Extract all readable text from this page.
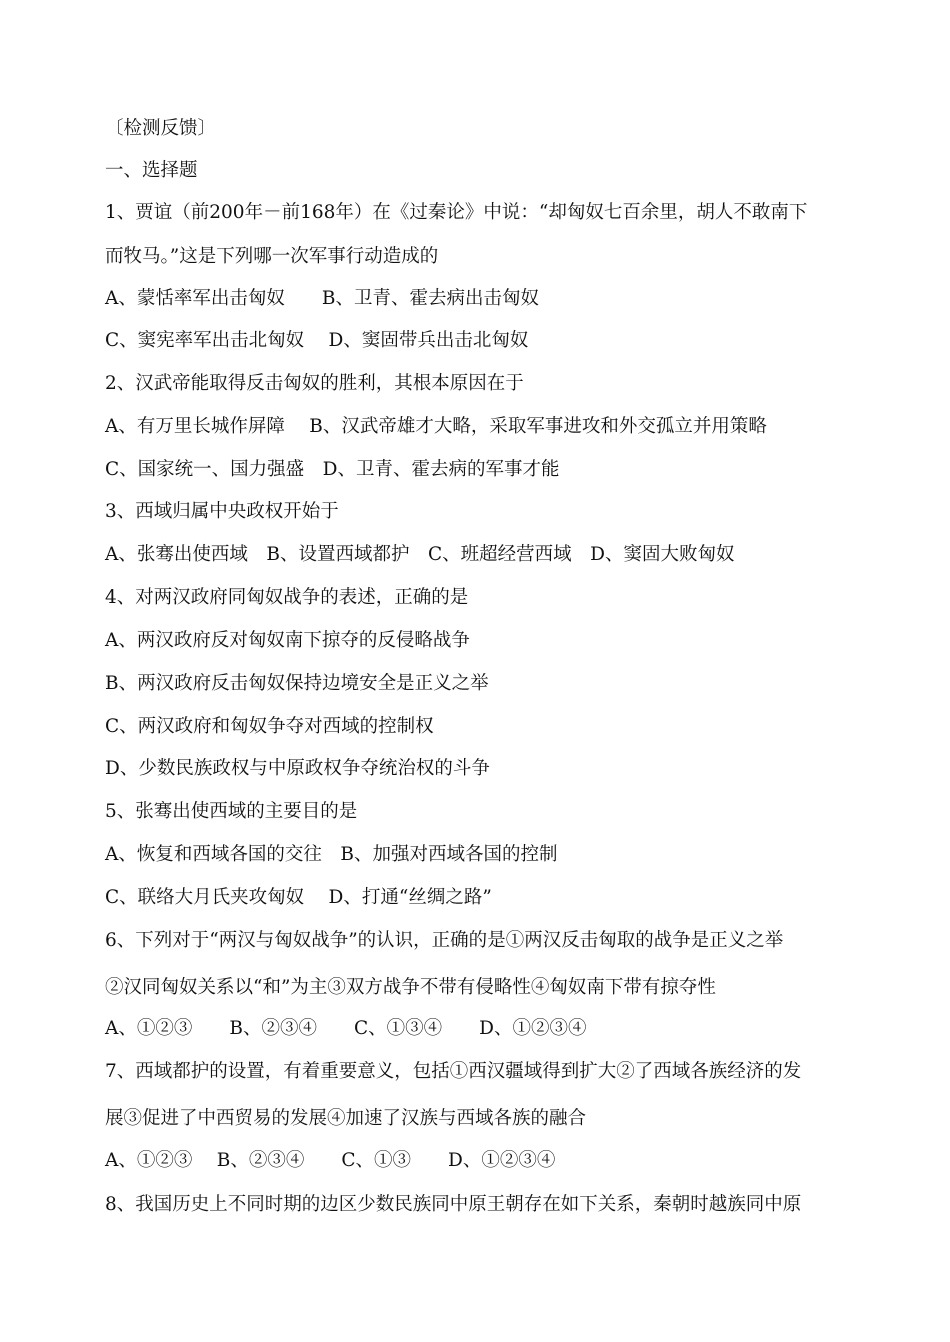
〔检测反馈〕
一、选择题
1、贾谊（前200年－前168年）在《过秦论》中说：“却匈奴七百余里，胡人不敢南下
而牧马。”这是下列哪一次军事行动造成的
A、蒙恬率军出击匈奴　　B、卫青、霍去病出击匈奴
C、窦宪率军出击北匈奴　 D、窦固带兵出击北匈奴
2、汉武帝能取得反击匈奴的胜利，其根本原因在于
A、有万里长城作屏障　 B、汉武帝雄才大略，采取军事进攻和外交孤立并用策略
C、国家统一、国力强盛　D、卫青、霍去病的军事才能
3、西域归属中央政权开始于
A、张骞出使西域　B、设置西域都护　C、班超经营西域　D、窦固大败匈奴
4、对两汉政府同匈奴战争的表述，正确的是
A、两汉政府反对匈奴南下掠夺的反侵略战争
B、两汉政府反击匈奴保持边境安全是正义之举
C、两汉政府和匈奴争夺对西域的控制权
D、少数民族政权与中原政权争夺统治权的斗争
5、张骞出使西域的主要目的是
A、恢复和西域各国的交往　B、加强对西域各国的控制
C、联络大月氏夹攻匈奴　 D、打通“丝绸之路”
6、下列对于“两汉与匈奴战争”的认识，正确的是①两汉反击匈取的战争是正义之举
②汉同匈奴关系以“和”为主③双方战争不带有侵略性④匈奴南下带有掠夺性
A、①②③　　B、②③④　　C、①③④　　D、①②③④
7、西域都护的设置，有着重要意义，包括①西汉疆域得到扩大②了西域各族经济的发
展③促进了中西贸易的发展④加速了汉族与西域各族的融合
A、①②③　 B、②③④　　C、①③　　D、①②③④
8、我国历史上不同时期的边区少数民族同中原王朝存在如下关系，秦朝时越族同中原
